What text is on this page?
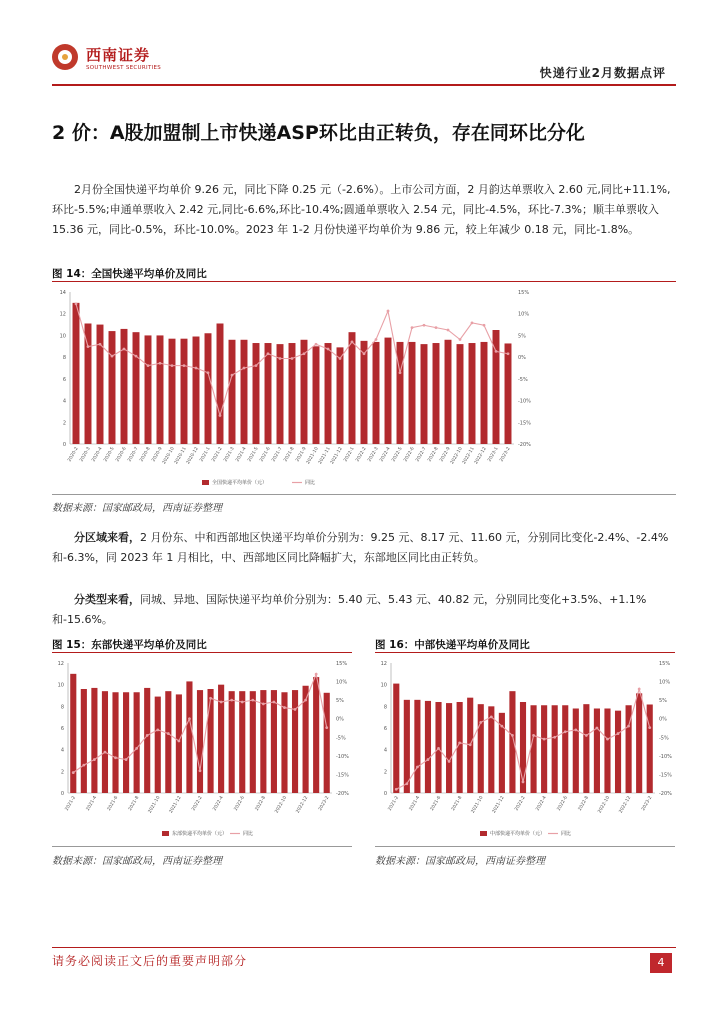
西南证券
SOUTHWEST SECURITIES	快递行业2月数据点评
2 价：A股加盟制上市快递ASP环比由正转负，存在同环比分化
2月份全国快递平均单价 9.26 元，同比下降 0.25 元（-2.6%）。上市公司方面，2 月韵达单票收入 2.60 元,同比+11.1%,环比-5.5%;申通单票收入 2.42 元,同比-6.6%,环比-10.4%;圆通单票收入 2.54 元，同比-4.5%，环比-7.3%；顺丰单票收入 15.36 元，同比-0.5%，环比-10.0%。2023 年 1-2 月份快递平均单价为 9.86 元，较上年减少 0.18 元，同比-1.8%。
图 14：全国快递平均单价及同比
0
2
4
6
8
10
12
14
-20%
-15%
-10%
-5%
0%
5%
10%
15%
2020-2 2020-3 2020-4 2020-5 2020-6 2020-7 2020-8 2020-9
2020-10
2020-11
2020-12 2021-1 2021-2 2021-3 2021-4 2021-5 2021-6 2021-7 2021-8 2021-9
2021-10
2021-11
2021-12 2022-1 2022-2 2022-3 2022-4 2022-5 2022-6 2022-7 2022-8 2022-9
2022-10
2022-11
2022-12 2023-1 2023-2
全国快递平均单价（元）	同比
数据来源：国家邮政局，西南证券整理
分区域来看，2 月份东、中和西部地区快递平均单价分别为：9.25 元、8.17 元、11.60 元，分别同比变化-2.4%、-2.4%和-6.3%，同 2023 年 1 月相比，中、西部地区同比降幅扩大，东部地区同比由正转负。
分类型来看，同城、异地、国际快递平均单价分别为：5.40 元、5.43 元、40.82 元，分别同比变化+3.5%、+1.1%和-15.6%。
图 15：东部快递平均单价及同比
0
2
4
6
8
10
12
-20%
-15%
-10%
-5%
0%
5%
10%
15%
2021-2 2021-4 2021-6 2021-8 2021-10 2021-12 2022-2 2022-4 2022-6 2022-8 2022-10 2022-12 2023-2
东部快递平均单价（元）	同比
数据来源：国家邮政局，西南证券整理
图 16：中部快递平均单价及同比
0
2
4
6
8
10
12
-20%
-15%
-10%
-5%
0%
5%
10%
15%
2021-2 2021-4 2021-6 2021-8 2021-10 2021-12 2022-2 2022-4 2022-6 2022-8 2022-10 2022-12 2023-2
中部快递平均单价（元）	同比
数据来源：国家邮政局，西南证券整理
请务必阅读正文后的重要声明部分	4
